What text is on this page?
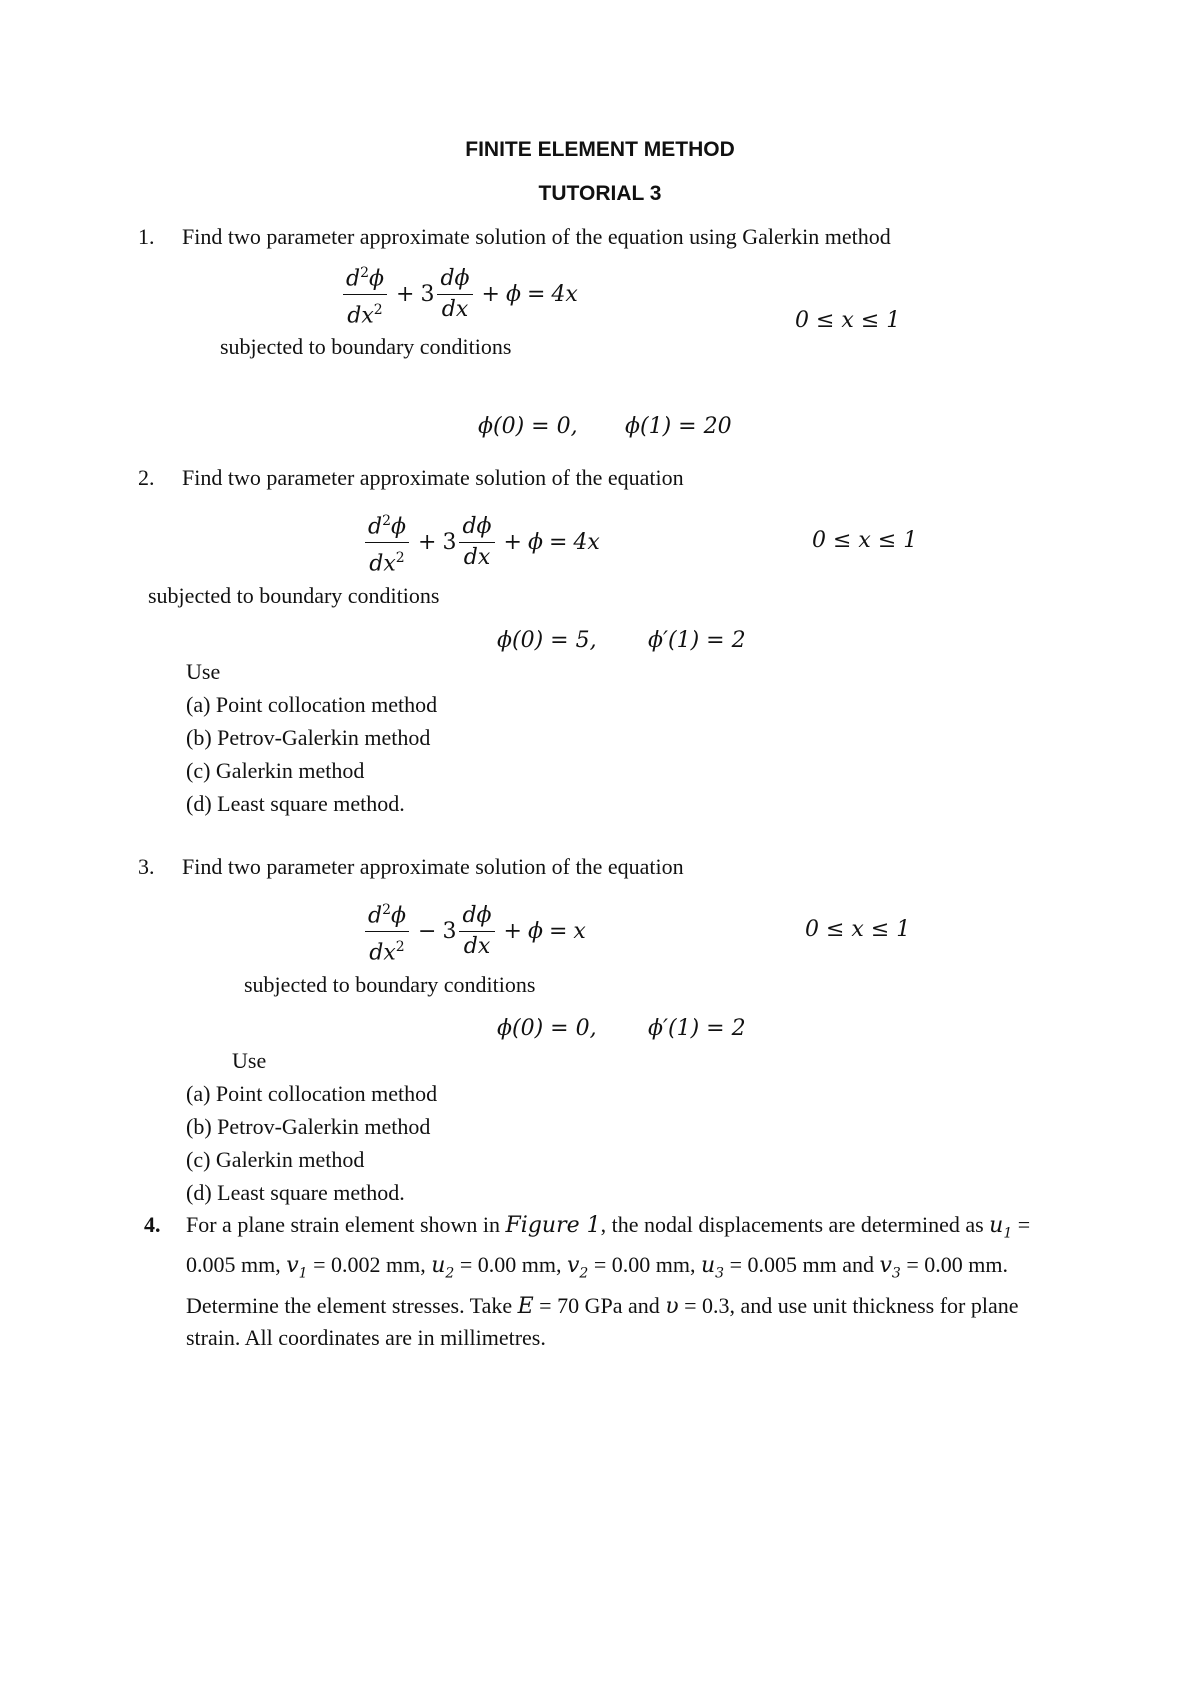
FINITE ELEMENT METHOD
TUTORIAL 3
1. Find two parameter approximate solution of the equation using Galerkin method
$\frac{d^2\phi}{dx^2} + 3 \frac{d\phi}{dx} + \phi = 4x$
0 ≤ x ≤ 1
subjected to boundary conditions
ϕ(0) = 0, ϕ(1) = 20
2. Find two parameter approximate solution of the equation
$\frac{d^2\phi}{dx^2} + 3 \frac{d\phi}{dx} + \phi = 4x$	0 ≤ x ≤ 1
subjected to boundary conditions
ϕ(0) = 5, ϕ′(1) = 2
Use
(a) Point collocation method
(b) Petrov-Galerkin method
(c) Galerkin method
(d) Least square method.
3. Find two parameter approximate solution of the equation
$\frac{d^2\phi}{dx^2} - 3 \frac{d\phi}{dx} + \phi = x$	0 ≤ x ≤ 1
subjected to boundary conditions
ϕ(0) = 0, ϕ′(1) = 2
Use
(a) Point collocation method
(b) Petrov-Galerkin method
(c) Galerkin method
(d) Least square method.
4. For a plane strain element shown in Figure 1, the nodal displacements are determined as $u_1 = 0.005$ mm, $v_1 = 0.002$ mm, $u_2 = 0.00$ mm, $v_2 = 0.00$ mm, $u_3 = 0.005$ mm and $v_3 = 0.00$ mm. Determine the element stresses. Take E = 70 GPa and υ = 0.3, and use unit thickness for plane strain. All coordinates are in millimetres.
